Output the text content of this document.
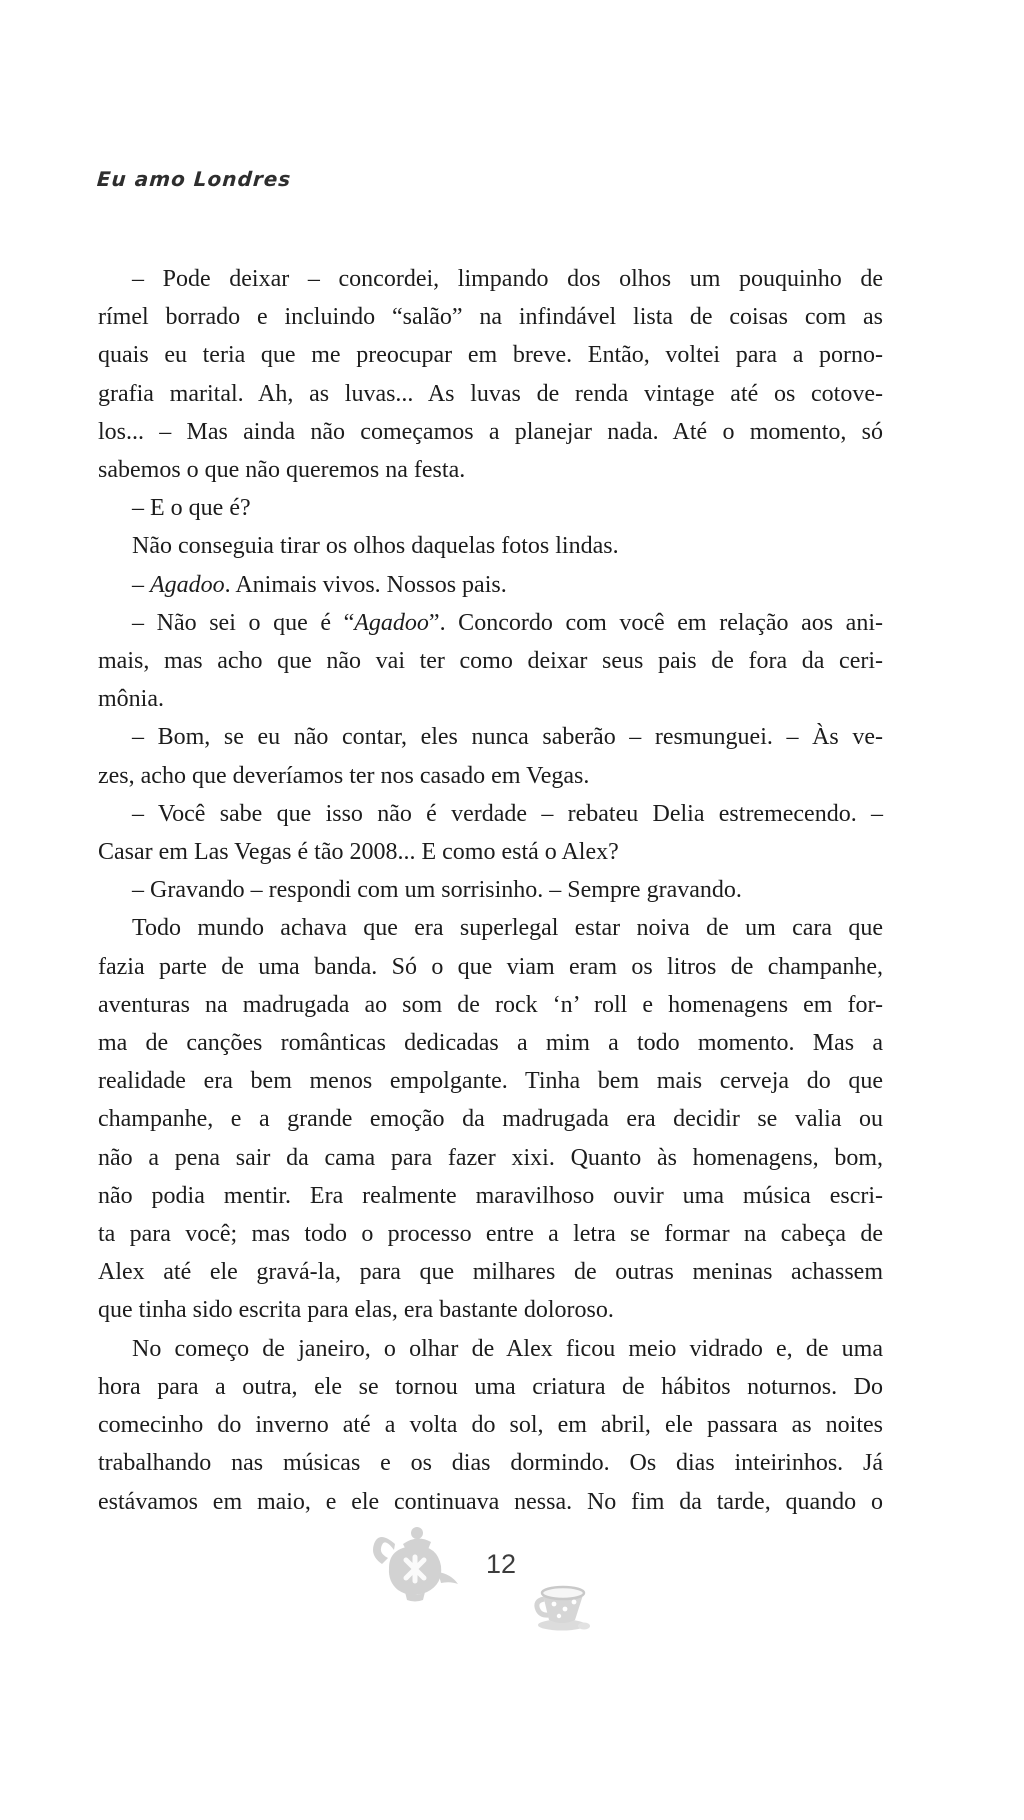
Eu amo Londres
– Pode deixar – concordei, limpando dos olhos um pouquinho de
rímel borrado e incluindo “salão” na infindável lista de coisas com as
quais eu teria que me preocupar em breve. Então, voltei para a porno-
grafia marital. Ah, as luvas... As luvas de renda vintage até os cotove-
los... – Mas ainda não começamos a planejar nada. Até o momento, só
sabemos o que não queremos na festa.
– E o que é?
Não conseguia tirar os olhos daquelas fotos lindas.
– Agadoo. Animais vivos. Nossos pais.
– Não sei o que é “Agadoo”. Concordo com você em relação aos ani-
mais, mas acho que não vai ter como deixar seus pais de fora da ceri-
mônia.
– Bom, se eu não contar, eles nunca saberão – resmunguei. – Às ve-
zes, acho que deveríamos ter nos casado em Vegas.
– Você sabe que isso não é verdade – rebateu Delia estremecendo. –
Casar em Las Vegas é tão 2008... E como está o Alex?
– Gravando – respondi com um sorrisinho. – Sempre gravando.
Todo mundo achava que era superlegal estar noiva de um cara que
fazia parte de uma banda. Só o que viam eram os litros de champanhe,
aventuras na madrugada ao som de rock ‘n’ roll e homenagens em for-
ma de canções românticas dedicadas a mim a todo momento. Mas a
realidade era bem menos empolgante. Tinha bem mais cerveja do que
champanhe, e a grande emoção da madrugada era decidir se valia ou
não a pena sair da cama para fazer xixi. Quanto às homenagens, bom,
não podia mentir. Era realmente maravilhoso ouvir uma música escri-
ta para você; mas todo o processo entre a letra se formar na cabeça de
Alex até ele gravá-la, para que milhares de outras meninas achassem
que tinha sido escrita para elas, era bastante doloroso.
No começo de janeiro, o olhar de Alex ficou meio vidrado e, de uma
hora para a outra, ele se tornou uma criatura de hábitos noturnos. Do
comecinho do inverno até a volta do sol, em abril, ele passara as noites
trabalhando nas músicas e os dias dormindo. Os dias inteirinhos. Já
estávamos em maio, e ele continuava nessa. No fim da tarde, quando o
12
